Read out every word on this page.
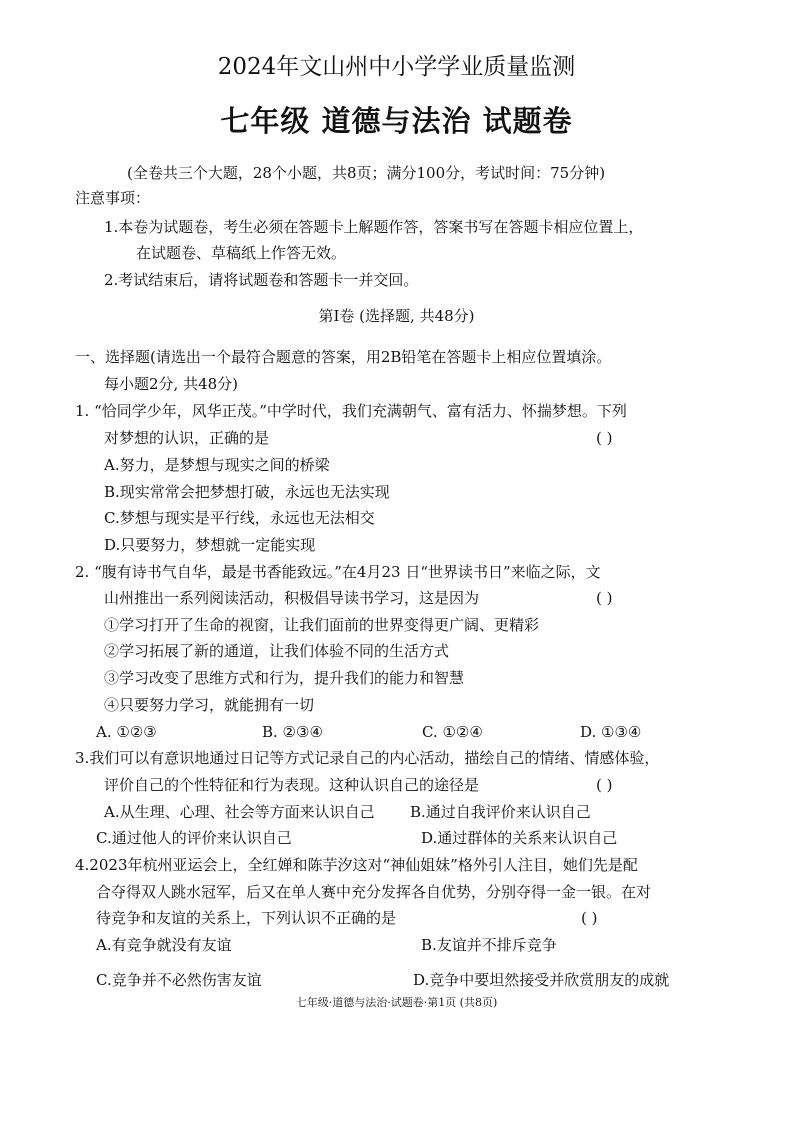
2024年文山州中小学学业质量监测
七年级 道德与法治 试题卷
(全卷共三个大题，28个小题，共8页；满分100分，考试时间：75分钟)
注意事项：
1.本卷为试题卷，考生必须在答题卡上解题作答，答案书写在答题卡相应位置上，
在试题卷、草稿纸上作答无效。
2.考试结束后，请将试题卷和答题卡一并交回。
第Ⅰ卷 (选择题, 共48分)
一、选择题(请选出一个最符合题意的答案，用2B铅笔在答题卡上相应位置填涂。
每小题2分, 共48分)
1. “恰同学少年，风华正茂。”中学时代，我们充满朝气、富有活力、怀揣梦想。下列
对梦想的认识，正确的是	( )
A.努力，是梦想与现实之间的桥梁
B.现实常常会把梦想打破，永远也无法实现
C.梦想与现实是平行线，永远也无法相交
D.只要努力，梦想就一定能实现
2. “腹有诗书气自华，最是书香能致远。”在4月23 日“世界读书日”来临之际，文
山州推出一系列阅读活动，积极倡导读书学习，这是因为	( )
①学习打开了生命的视窗，让我们面前的世界变得更广阔、更精彩
②学习拓展了新的通道，让我们体验不同的生活方式
③学习改变了思维方式和行为，提升我们的能力和智慧
④只要努力学习，就能拥有一切
A. ①②③	B. ②③④	C. ①②④	D. ①③④
3.我们可以有意识地通过日记等方式记录自己的内心活动，描绘自己的情绪、情感体验，
评价自己的个性特征和行为表现。这种认识自己的途径是	( )
A.从生理、心理、社会等方面来认识自己 B.通过自我评价来认识自己
C.通过他人的评价来认识自己	D.通过群体的关系来认识自己
4.2023年杭州亚运会上，全红婵和陈芋汐这对“神仙姐妹”格外引人注目，她们先是配
合夺得双人跳水冠军，后又在单人赛中充分发挥各自优势，分别夺得一金一银。在对
待竞争和友谊的关系上，下列认识不正确的是	( )
A.有竞争就没有友谊	B.友谊并不排斥竞争
C.竞争并不必然伤害友谊	D.竞争中要坦然接受并欣赏朋友的成就
七年级·道德与法治·试题卷·第1页 (共8页)
